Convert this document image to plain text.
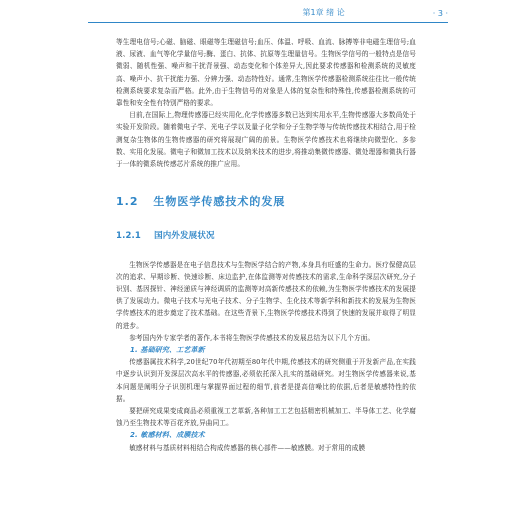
第1章 绪 论	· 3 ·

等生理电信号;心磁、脑磁、眼磁等生理磁信号;血压、体温、呼吸、血流、脉搏等非电磁生理信号;血液、尿液、血气等化学量信号;酶、蛋白、抗体、抗原等生理量信号。生物医学信号的一般特点是信号微弱、随机性强、噪声和干扰背景强、动态变化和个体差异大,因此要求传感器和检测系统的灵敏度高、噪声小、抗干扰能力强、分辨力强、动态特性好。通常,生物医学传感器检测系统往往比一般传统检测系统要求复杂而严格。此外,由于生物信号的对象是人体的复杂性和特殊性,传感器检测系统的可靠性和安全性有特别严格的要求。

目前,在国际上,物理传感器已经实用化,化学传感器多数已达到实用水平,生物传感器大多数尚处于实验开发阶段。随着微电子学、光电子学以及量子化学和分子生物学等与传统传感技术相结合,用于检测复杂生物体的生物传感器的研究将展现广阔的前景。生物医学传感技术也将继续向微型化、多参数、实用化发展。微电子和微加工技术以及纳米技术的进步,将推动集微传感器、微处理器和微执行器于一体的微系统传感芯片系统的推广应用。

1.2 生物医学传感技术的发展
1.2.1 国内外发展状况

生物医学传感器是在电子信息技术与生物医学结合的产物,本身具有旺盛的生命力。医疗保健高层次的追求、早期诊断、快速诊断、床边监护,在体监测等对传感技术的需求,生命科学深层次研究,分子识别、基因探针、神经递质与神经调质的监测等对高新传感技术的依赖,为生物医学传感技术的发展提供了发展动力。微电子技术与光电子技术、分子生物学、生化技术等新学科和新技术的发展为生物医学传感技术的进步奠定了技术基础。在这些背景下,生物医学传感技术得到了快速的发展并取得了明显的进步。

参考国内外专家学者的著作,本书将生物医学传感技术的发展总结为以下几个方面。

1. 基础研究、工艺革新

传感器属技术科学,20世纪70年代初期至80年代中期,传感技术的研究侧重于开发新产品,在实践中逐步认识到开发深层次高水平的传感器,必须依托深入扎实的基础研究。对生物医学传感器来说,基本问题是阐明分子识别机理与掌握界面过程的细节,前者是提高信噪比的依据,后者是敏感特性的依据。

要把研究成果变成商品必须重视工艺革新,各种加工工艺包括精密机械加工、半导体工艺、化学腐蚀乃至生物技术等百花齐放,异曲同工。

2. 敏感材料、成膜技术

敏感材料与基质材料相结合构成传感器的核心部件——敏感膜。对于常用的成膜
